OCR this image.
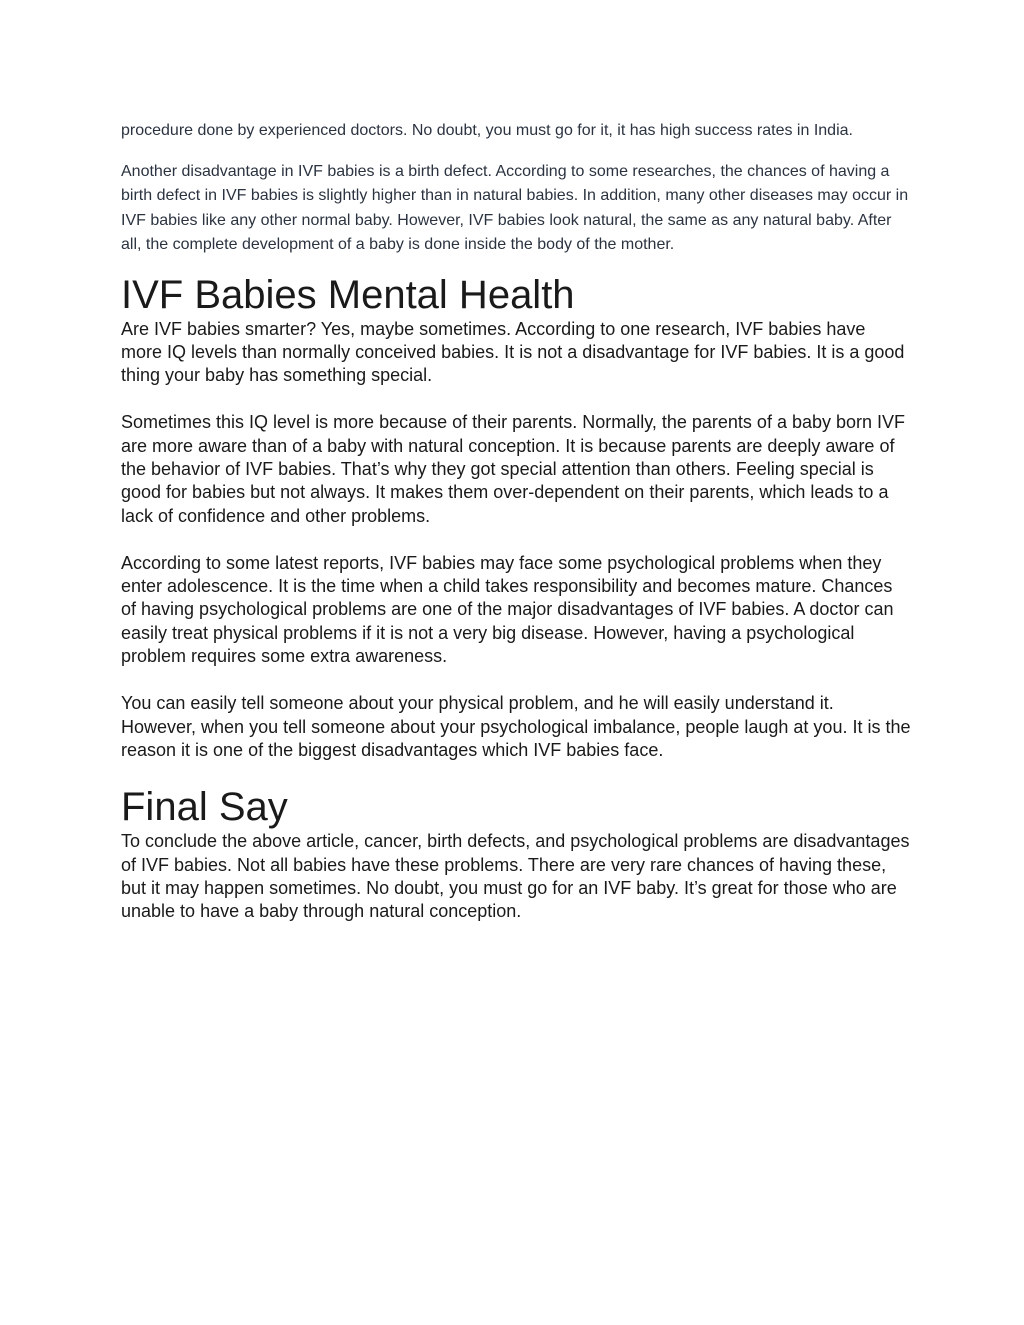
procedure done by experienced doctors. No doubt, you must go for it, it has high success rates in India.

Another disadvantage in IVF babies is a birth defect. According to some researches, the chances of having a birth defect in IVF babies is slightly higher than in natural babies. In addition, many other diseases may occur in IVF babies like any other normal baby. However, IVF babies look natural, the same as any natural baby. After all, the complete development of a baby is done inside the body of the mother.

IVF Babies Mental Health

Are IVF babies smarter? Yes, maybe sometimes. According to one research, IVF babies have more IQ levels than normally conceived babies. It is not a disadvantage for IVF babies. It is a good thing your baby has something special.

Sometimes this IQ level is more because of their parents. Normally, the parents of a baby born IVF are more aware than of a baby with natural conception. It is because parents are deeply aware of the behavior of IVF babies. That’s why they got special attention than others. Feeling special is good for babies but not always. It makes them over-dependent on their parents, which leads to a lack of confidence and other problems.

According to some latest reports, IVF babies may face some psychological problems when they enter adolescence. It is the time when a child takes responsibility and becomes mature. Chances of having psychological problems are one of the major disadvantages of IVF babies. A doctor can easily treat physical problems if it is not a very big disease. However, having a psychological problem requires some extra awareness.

You can easily tell someone about your physical problem, and he will easily understand it. However, when you tell someone about your psychological imbalance, people laugh at you. It is the reason it is one of the biggest disadvantages which IVF babies face.

Final Say

To conclude the above article, cancer, birth defects, and psychological problems are disadvantages of IVF babies. Not all babies have these problems. There are very rare chances of having these, but it may happen sometimes. No doubt, you must go for an IVF baby. It’s great for those who are unable to have a baby through natural conception.
